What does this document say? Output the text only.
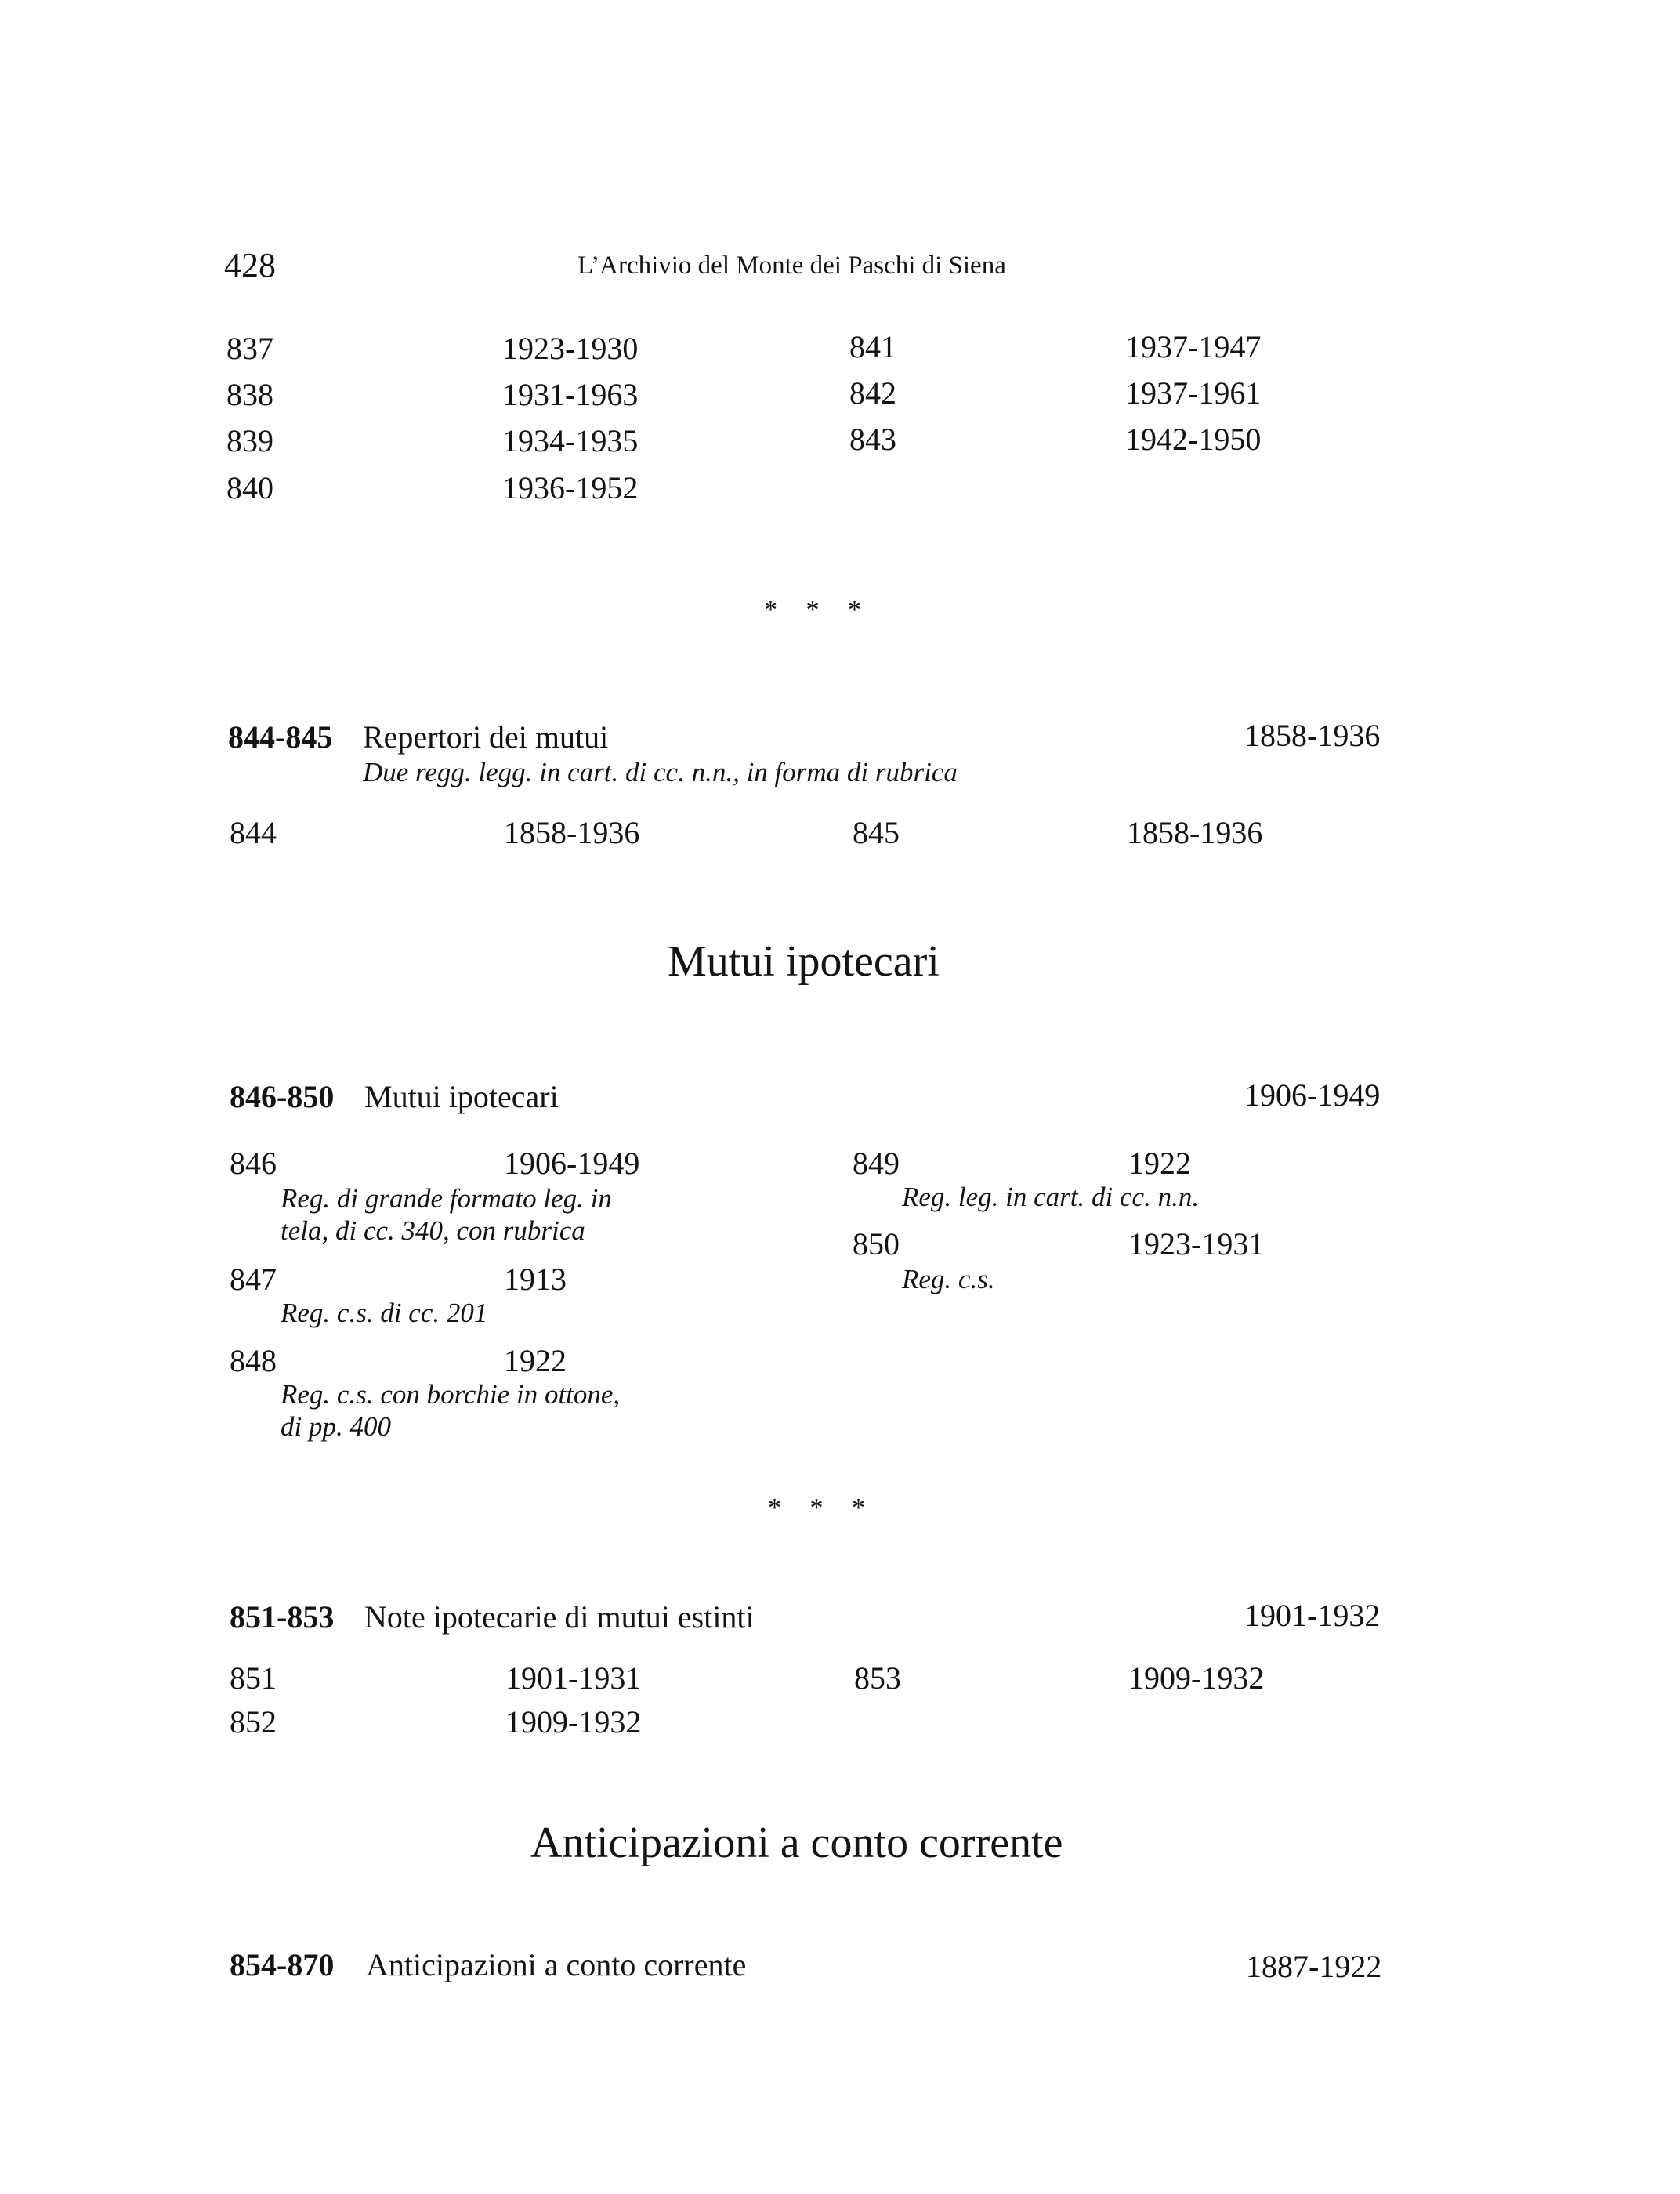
428	L’Archivio del Monte dei Paschi di Siena
837	1923-1930
838	1931-1963
839	1934-1935
840	1936-1952
841	1937-1947
842	1937-1961
843	1942-1950
* * *
844-845 Repertori dei mutui	1858-1936
Due regg. legg. in cart. di cc. n.n., in forma di rubrica
844	1858-1936	845	1858-1936
Mutui ipotecari
846-850 Mutui ipotecari	1906-1949
846	1906-1949
Reg. di grande formato leg. in
tela, di cc. 340, con rubrica
847	1913
Reg. c.s. di cc. 201
848	1922
Reg. c.s. con borchie in ottone,
di pp. 400
849	1922
Reg. leg. in cart. di cc. n.n.
850	1923-1931
Reg. c.s.
* * *
851-853 Note ipotecarie di mutui estinti	1901-1932
851	1901-1931
852	1909-1932
853	1909-1932
Anticipazioni a conto corrente
854-870 Anticipazioni a conto corrente	1887-1922
